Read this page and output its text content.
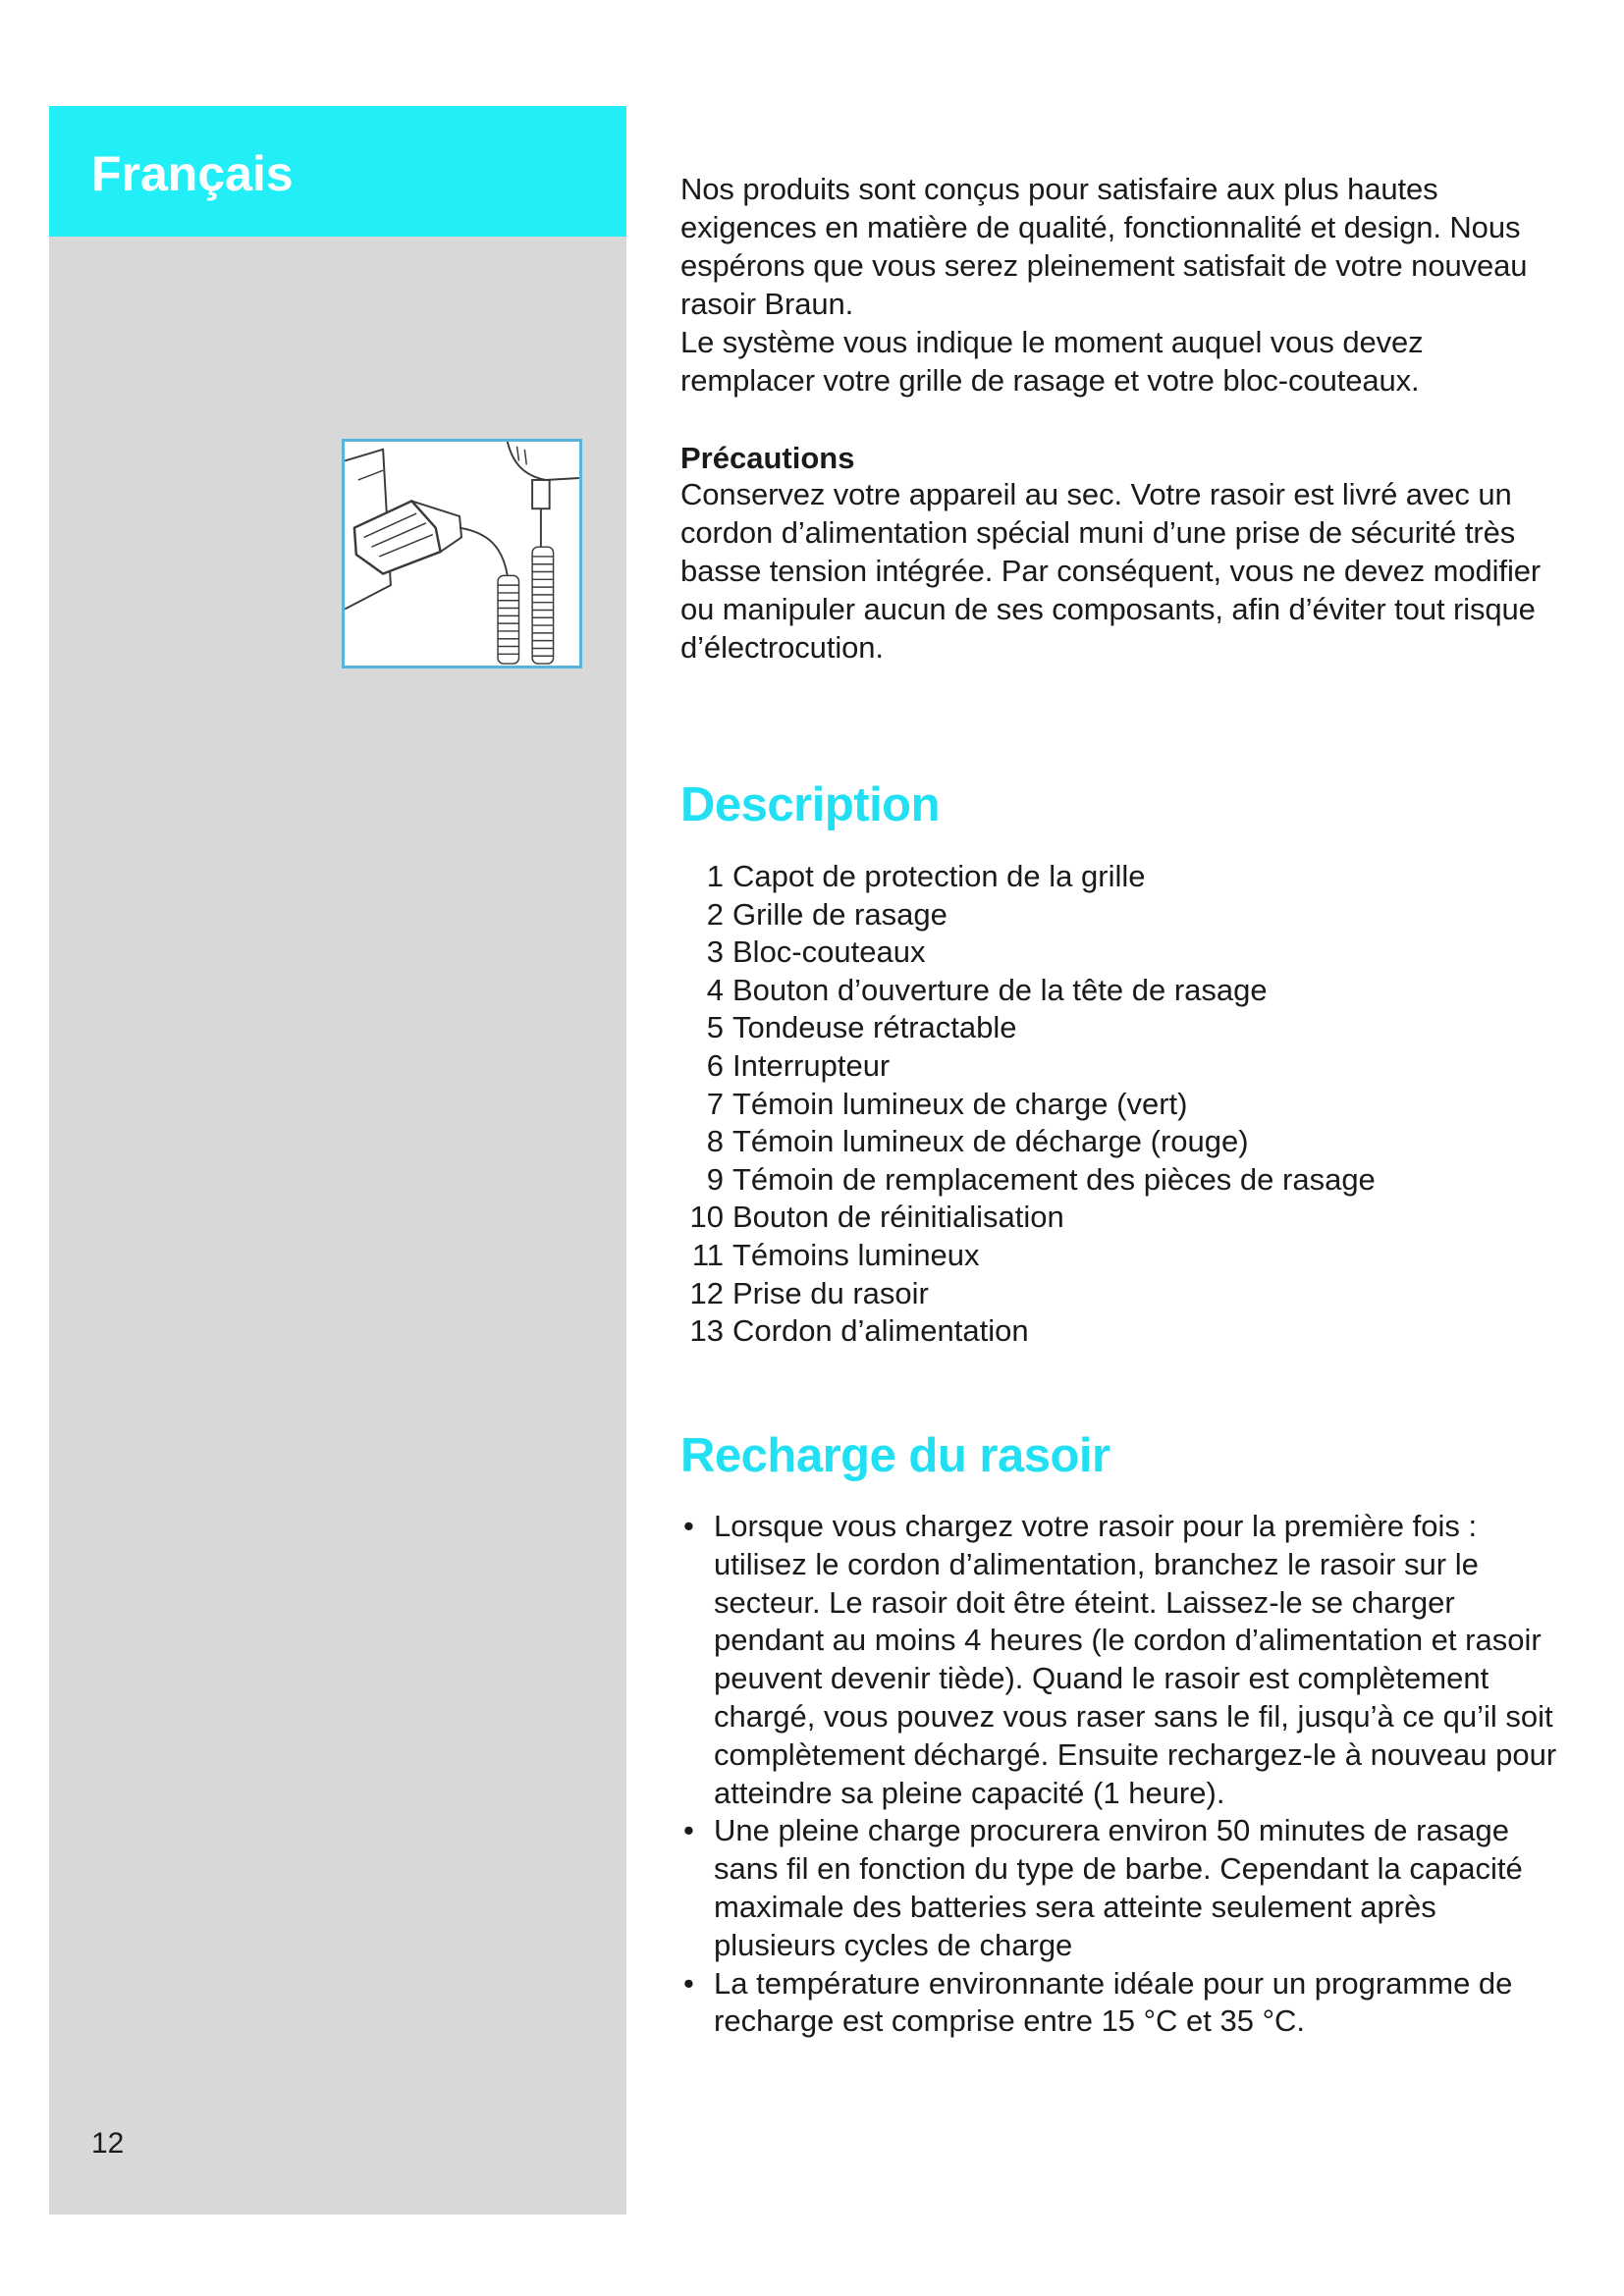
Français
12

Nos produits sont conçus pour satisfaire aux plus hautes exigences en matière de qualité, fonctionnalité et design. Nous espérons que vous serez pleinement satisfait de votre nouveau rasoir Braun.

Le système vous indique le moment auquel vous devez remplacer votre grille de rasage et votre bloc-couteaux.

Précautions

Conservez votre appareil au sec. Votre rasoir est livré avec un cordon d’alimentation spécial muni d’une prise de sécurité très basse tension intégrée. Par conséquent, vous ne devez modifier ou manipuler aucun de ses composants, afin d’éviter tout risque d’électrocution.

Description
1 Capot de protection de la grille
2 Grille de rasage
3 Bloc-couteaux
4 Bouton d’ouverture de la tête de rasage
5 Tondeuse rétractable
6 Interrupteur
7 Témoin lumineux de charge (vert)
8 Témoin lumineux de décharge (rouge)
9 Témoin de remplacement des pièces de rasage
10 Bouton de réinitialisation
11 Témoins lumineux
12 Prise du rasoir
13 Cordon d’alimentation
Recharge du rasoir
• Lorsque vous chargez votre rasoir pour la première fois : utilisez le cordon d’alimentation, branchez le rasoir sur le secteur. Le rasoir doit être éteint. Laissez-le se charger pendant au moins 4 heures (le cordon d’alimentation et rasoir peuvent devenir tiède). Quand le rasoir est complètement chargé, vous pouvez vous raser sans le fil, jusqu’à ce qu’il soit complètement déchargé. Ensuite rechargez-le à nouveau pour atteindre sa pleine capacité (1 heure).
• Une pleine charge procurera environ 50 minutes de rasage sans fil en fonction du type de barbe. Cependant la capacité maximale des batteries sera atteinte seulement après plusieurs cycles de charge
• La température environnante idéale pour un programme de recharge est comprise entre 15 °C et 35 °C.
